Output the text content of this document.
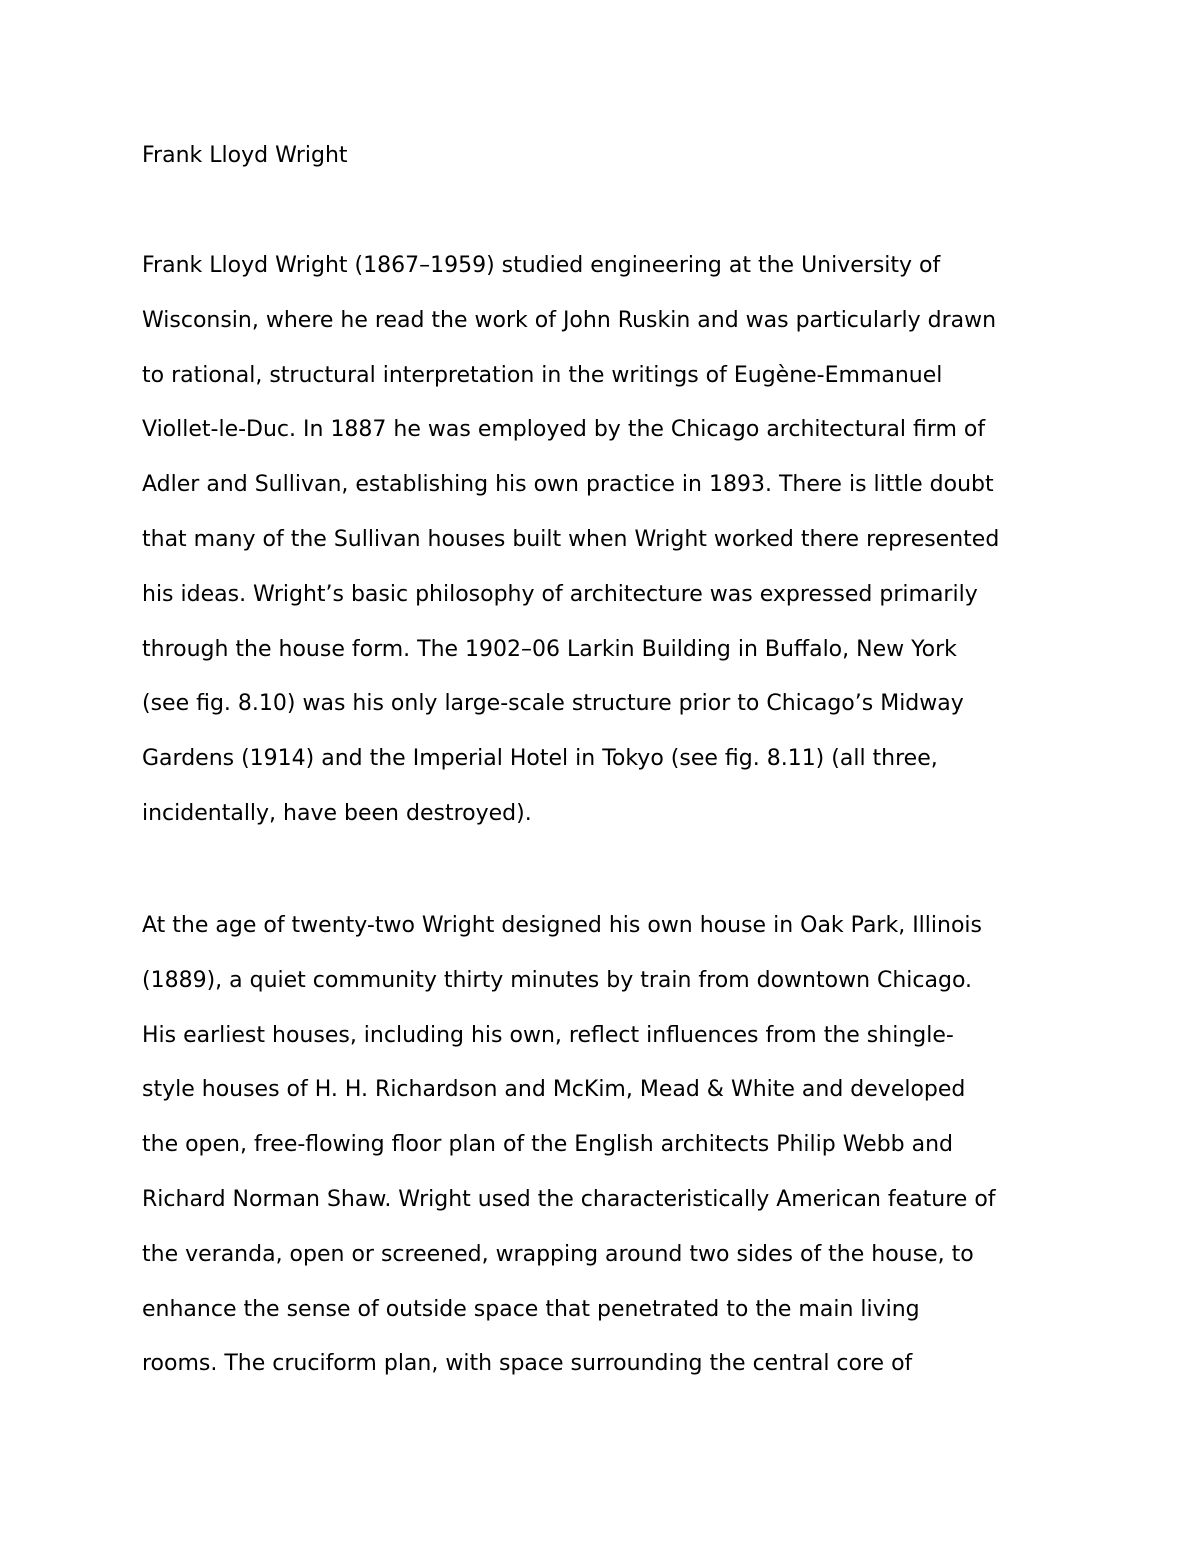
Frank Lloyd Wright
Frank Lloyd Wright (1867–1959) studied engineering at the University of
Wisconsin, where he read the work of John Ruskin and was particularly drawn
to rational, structural interpretation in the writings of Eugène-Emmanuel
Viollet-le-Duc. In 1887 he was employed by the Chicago architectural firm of
Adler and Sullivan, establishing his own practice in 1893. There is little doubt
that many of the Sullivan houses built when Wright worked there represented
his ideas. Wright’s basic philosophy of architecture was expressed primarily
through the house form. The 1902–06 Larkin Building in Buffalo, New York
(see fig. 8.10) was his only large-scale structure prior to Chicago’s Midway
Gardens (1914) and the Imperial Hotel in Tokyo (see fig. 8.11) (all three,
incidentally, have been destroyed).
At the age of twenty-two Wright designed his own house in Oak Park, Illinois
(1889), a quiet community thirty minutes by train from downtown Chicago.
His earliest houses, including his own, reflect influences from the shingle-
style houses of H. H. Richardson and McKim, Mead & White and developed
the open, free-flowing floor plan of the English architects Philip Webb and
Richard Norman Shaw. Wright used the characteristically American feature of
the veranda, open or screened, wrapping around two sides of the house, to
enhance the sense of outside space that penetrated to the main living
rooms. The cruciform plan, with space surrounding the central core of
